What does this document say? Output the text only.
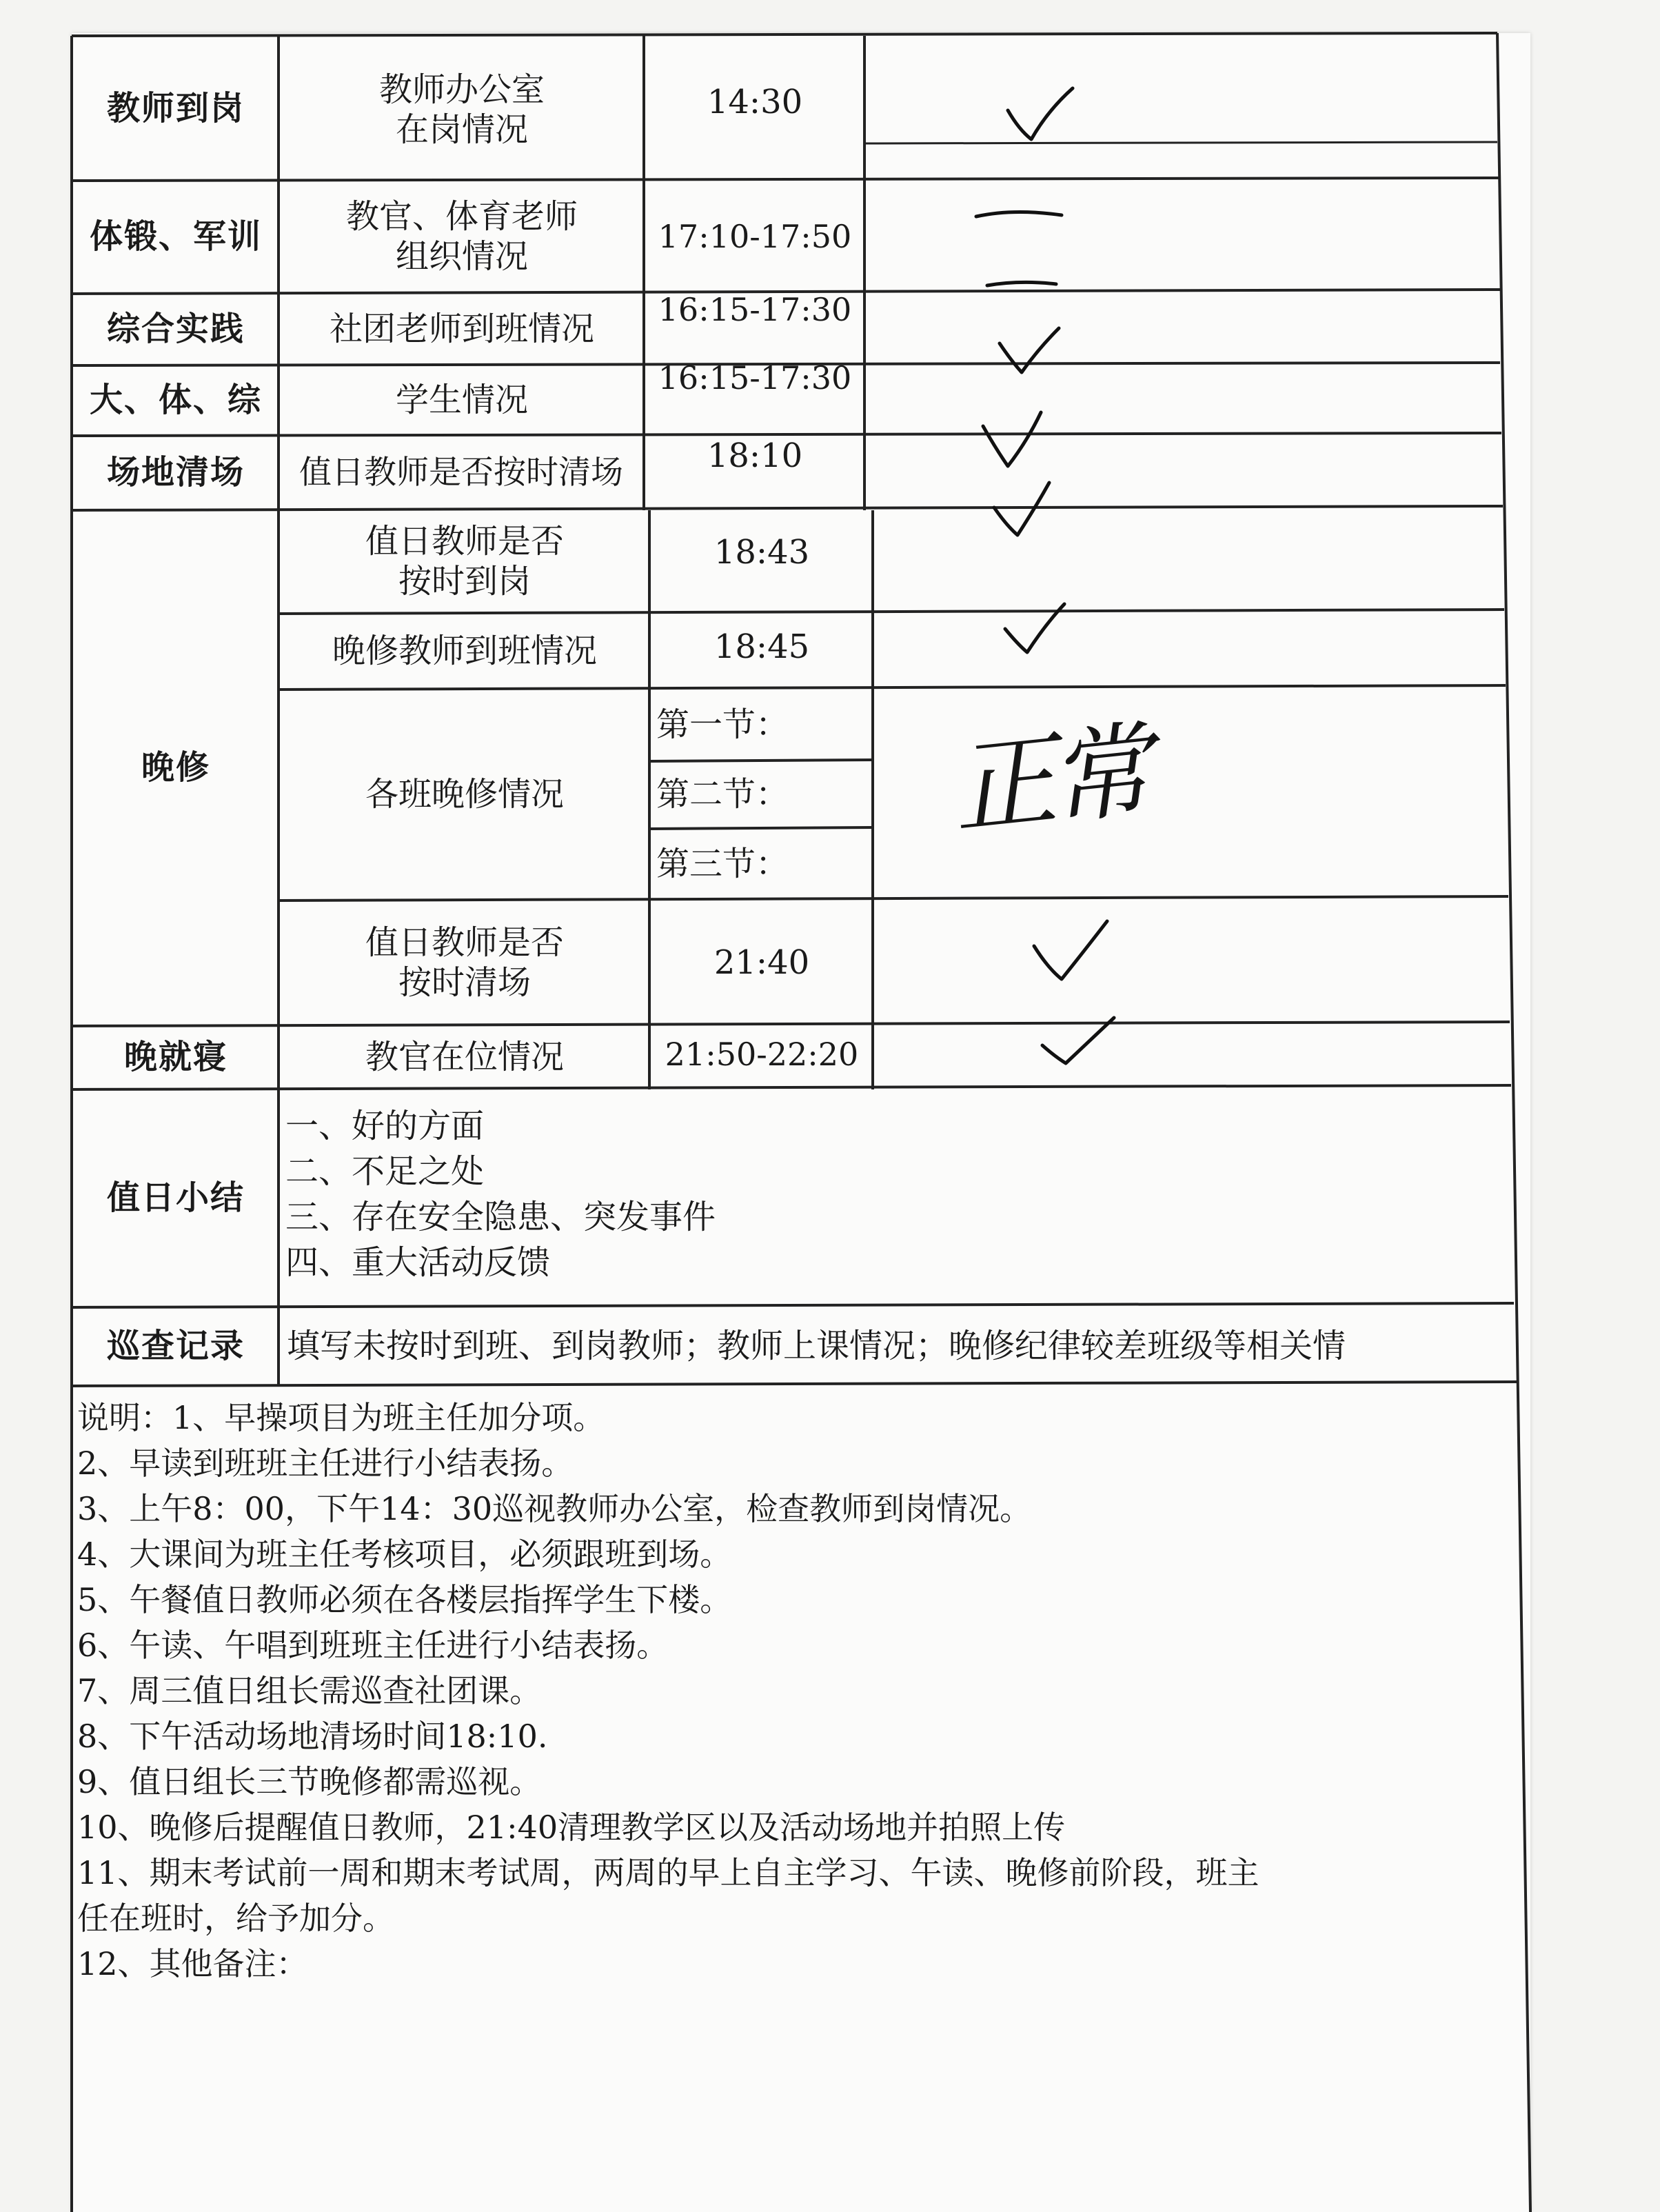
教师到岗
体锻、军训
综合实践
大、体、综
场地清场
晚修
晚就寝
值日小结
巡查记录
教师办公室
在岗情况
教官、体育老师
组织情况
社团老师到班情况
学生情况
值日教师是否按时清场
值日教师是否
按时到岗
晚修教师到班情况
各班晚修情况
值日教师是否
按时清场
教官在位情况
14:30
17:10-17:50
16:15-17:30
16:15-17:30
18:10
18:43
18:45
第一节：
第二节：
第三节：
21:40
21:50-22:20
正常
一、好的方面
二、不足之处
三、存在安全隐患、突发事件
四、重大活动反馈
填写未按时到班、到岗教师；教师上课情况；晚修纪律较差班级等相关情
说明：1、早操项目为班主任加分项。
2、早读到班班主任进行小结表扬。
3、上午8：00，下午14：30巡视教师办公室，检查教师到岗情况。
4、大课间为班主任考核项目，必须跟班到场。
5、午餐值日教师必须在各楼层指挥学生下楼。
6、午读、午唱到班班主任进行小结表扬。
7、周三值日组长需巡查社团课。
8、下午活动场地清场时间18:10.
9、值日组长三节晚修都需巡视。
10、晚修后提醒值日教师，21:40清理教学区以及活动场地并拍照上传
11、期末考试前一周和期末考试周，两周的早上自主学习、午读、晚修前阶段，班主
任在班时，给予加分。
12、其他备注：
